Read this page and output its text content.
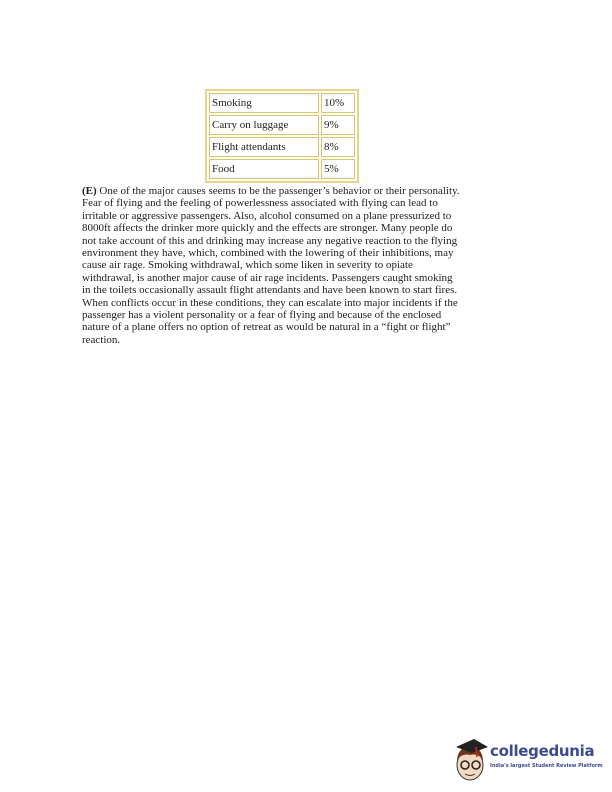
Smoking	10%
Carry on luggage	9%
Flight attendants	8%
Food	5%
(E) One of the major causes seems to be the passenger’s behavior or their personality.
Fear of flying and the feeling of powerlessness associated with flying can lead to
irritable or aggressive passengers. Also, alcohol consumed on a plane pressurized to
8000ft affects the drinker more quickly and the effects are stronger. Many people do
not take account of this and drinking may increase any negative reaction to the flying
environment they have, which, combined with the lowering of their inhibitions, may
cause air rage. Smoking withdrawal, which some liken in severity to opiate
withdrawal, is another major cause of air rage incidents. Passengers caught smoking
in the toilets occasionally assault flight attendants and have been known to start fires.
When conflicts occur in these conditions, they can escalate into major incidents if the
passenger has a violent personality or a fear of flying and because of the enclosed
nature of a plane offers no option of retreat as would be natural in a “fight or flight”
reaction.
collegedunia
India's largest Student Review Platform
